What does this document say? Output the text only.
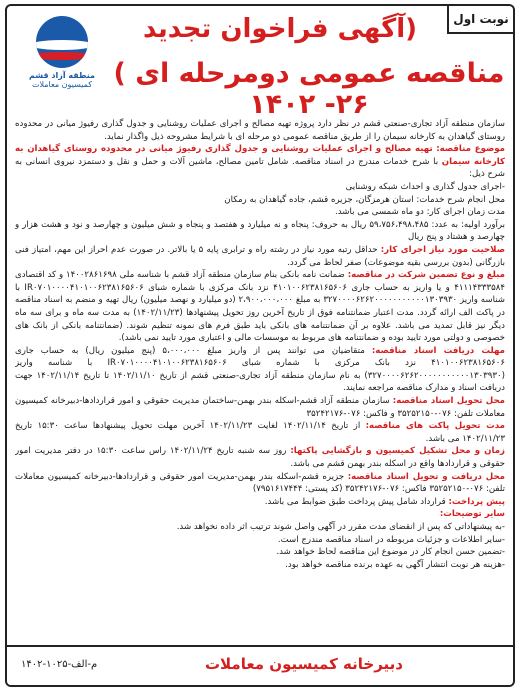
منطقه آزاد قشم
کمیسیون معاملات
نوبت اول
(آگهی فراخوان تجدید
مناقصه عمومی دومرحله ای ) ۲۶- ۱۴۰۲

سازمان منطقه آزاد تجاری-صنعتی قشم در نظر دارد پروژه تهیه مصالح و اجرای عملیات روشنایی و جدول گذاری رفیوژ میانی در محدوده روستای گیاهدان به کارخانه سیمان را از طریق مناقصه عمومی دو مرحله ای با شرایط مشروحه ذیل واگذار نماید.

موضوع مناقصه: تهیه مصالح و اجرای عملیات روشنایی و جدول گذاری رفیوژ میانی در محدوده روستای گیاهدان به کارخانه سیمان با شرح خدمات مندرج در اسناد مناقصه. شامل تامین مصالح، ماشین آلات و حمل و نقل و دستمزد نیروی انسانی به شرح ذیل:

-اجرای جدول گذاری و احداث شبکه روشنایی

محل انجام شرح خدمات: استان هرمزگان، جزیره قشم، جاده گیاهدان به رمکان

مدت زمان اجرای کار: دو ماه شمسی می باشد.

برآورد اولیه: به عدد: ۵۹،۷۵۶،۴۹۸،۴۸۵ ریال به حروف: پنجاه و نه میلیارد و هفتصد و پنجاه و شش میلیون و چهارصد و نود و هشت هزار و چهارصد و هشتاد و پنج ریال

صلاحیت مورد نیاز اجرای کار: حداقل رتبه مورد نیاز در رشته راه و ترابری پایه ۵ یا بالاتر. در صورت عدم احراز این مهم، امتیاز فنی بازرگانی (بدون بررسی بقیه موضوعات) صفر لحاظ می گردد.

مبلغ و نوع تضمین شرکت در مناقصه: ضمانت نامه بانکی بنام سازمان منطقه آزاد قشم با شناسه ملی ۱۴۰۰۲۸۶۱۶۹۸ و کد اقتصادی ۴۱۱۱۴۳۳۳۵۸۴ و یا واریز به حساب جاری ۴۱۰۱۰۰۶۲۳۸۱۶۵۶۰۶ نزد بانک مرکزی با شماره شبای IR۰۷۰۱۰۰۰۰۴۱۰۱۰۰۶۲۳۸۱۶۵۶۰۶ با شناسه واریز ۳۲۷۰۰۰۰۶۲۶۲۰۰۰۰۰۰۰۰۰۰۰۱۳۰۳۹۳۰ به مبلغ ۲،۹۰۰،۰۰۰،۰۰۰ (دو میلیارد و نهصد میلیون) ریال تهیه و منضم به اسناد مناقصه در پاکت الف ارائه گردد. مدت اعتبار ضمانتنامه فوق از تاریخ آخرین روز تحویل پیشنهادها (۱۴۰۲/۱۱/۲۳) به مدت سه ماه و برای سه ماه دیگر نیز قابل تمدید می باشد. علاوه بر آن ضمانتنامه های بانکی باید طبق فرم های نمونه تنظیم شوند. (ضمانتنامه بانکی از بانک های خصوصی و دولتی مورد تایید بوده و ضمانتنامه های مربوط به موسسات مالی و اعتباری مورد تایید نمی باشد).

مهلت دریافت اسناد مناقصه: متقاضیان می توانند پس از واریز مبلغ ۵،۰۰۰،۰۰۰ (پنج میلیون ریال) به حساب جاری ۴۱۰۱۰۰۶۲۳۸۱۶۵۶۰۶ نزد بانک مرکزی با شماره شبای IR۰۷۰۱۰۰۰۰۴۱۰۱۰۰۶۲۳۸۱۶۵۶۰۶ با شناسه واریز (۳۲۷۰۰۰۰۶۲۶۲۰۰۰۰۰۰۰۰۰۰۰۱۳۰۳۹۳۰) به نام سازمان منطقه آزاد تجاری-صنعتی قشم از تاریخ ۱۴۰۲/۱۱/۱۰ تا تاریخ ۱۴۰۲/۱۱/۱۴ جهت دریافت اسناد و مدارک مناقصه مراجعه نمایند.

محل تحویل اسناد مناقصه: سازمان منطقه آزاد قشم-اسکله بندر بهمن-ساختمان مدیریت حقوقی و امور قراردادها-دبیرخانه کمیسیون معاملات تلفن: ۰۷۶-۳۵۲۵۲۱۵۰ و فاکس: ۰۷۶-۳۵۲۴۲۱۷۶

مدت تحویل پاکت های مناقصه: از تاریخ ۱۴۰۲/۱۱/۱۴ لغایت ۱۴۰۲/۱۱/۲۳ آخرین مهلت تحویل پیشنهادها ساعت ۱۵:۳۰ تاریخ ۱۴۰۲/۱۱/۲۳ می باشد.

زمان و محل تشکیل کمیسیون و بازگشایی پاکتها: روز سه شنبه تاریخ ۱۴۰۲/۱۱/۲۴ راس ساعت ۱۵:۳۰ در دفتر مدیریت امور حقوقی و قراردادها واقع در اسکله بندر بهمن قشم می باشد.

محل دریافت و تحویل اسناد مناقصه: جزیره قشم-اسکله بندر بهمن-مدیریت امور حقوقی و قراردادها-دبیرخانه کمیسیون معاملات تلفن: ۰۷۶-۳۵۲۵۲۱۵۰ فاکس: ۰۷۶-۳۵۲۴۲۱۷۶ (کد پستی: ۷۹۵۱۶۱۷۴۴۴)

پیش پرداخت: قرارداد شامل پیش پرداخت طبق ضوابط می باشد.

سایر توضیحات:

-به پیشنهاداتی که پس از انقضای مدت مقرر در آگهی واصل شوند ترتیب اثر داده نخواهد شد.

-سایر اطلاعات و جزئیات مربوطه در اسناد مناقصه مندرج است.

-تضمین حسن انجام کار در موضوع این مناقصه لحاظ خواهد شد.

-هزینه هر نوبت انتشار آگهی به عهده برنده مناقصه خواهد بود.

دبیرخانه کمیسیون معاملات
م-الف-۱۰۲۵-۱۴۰۲
